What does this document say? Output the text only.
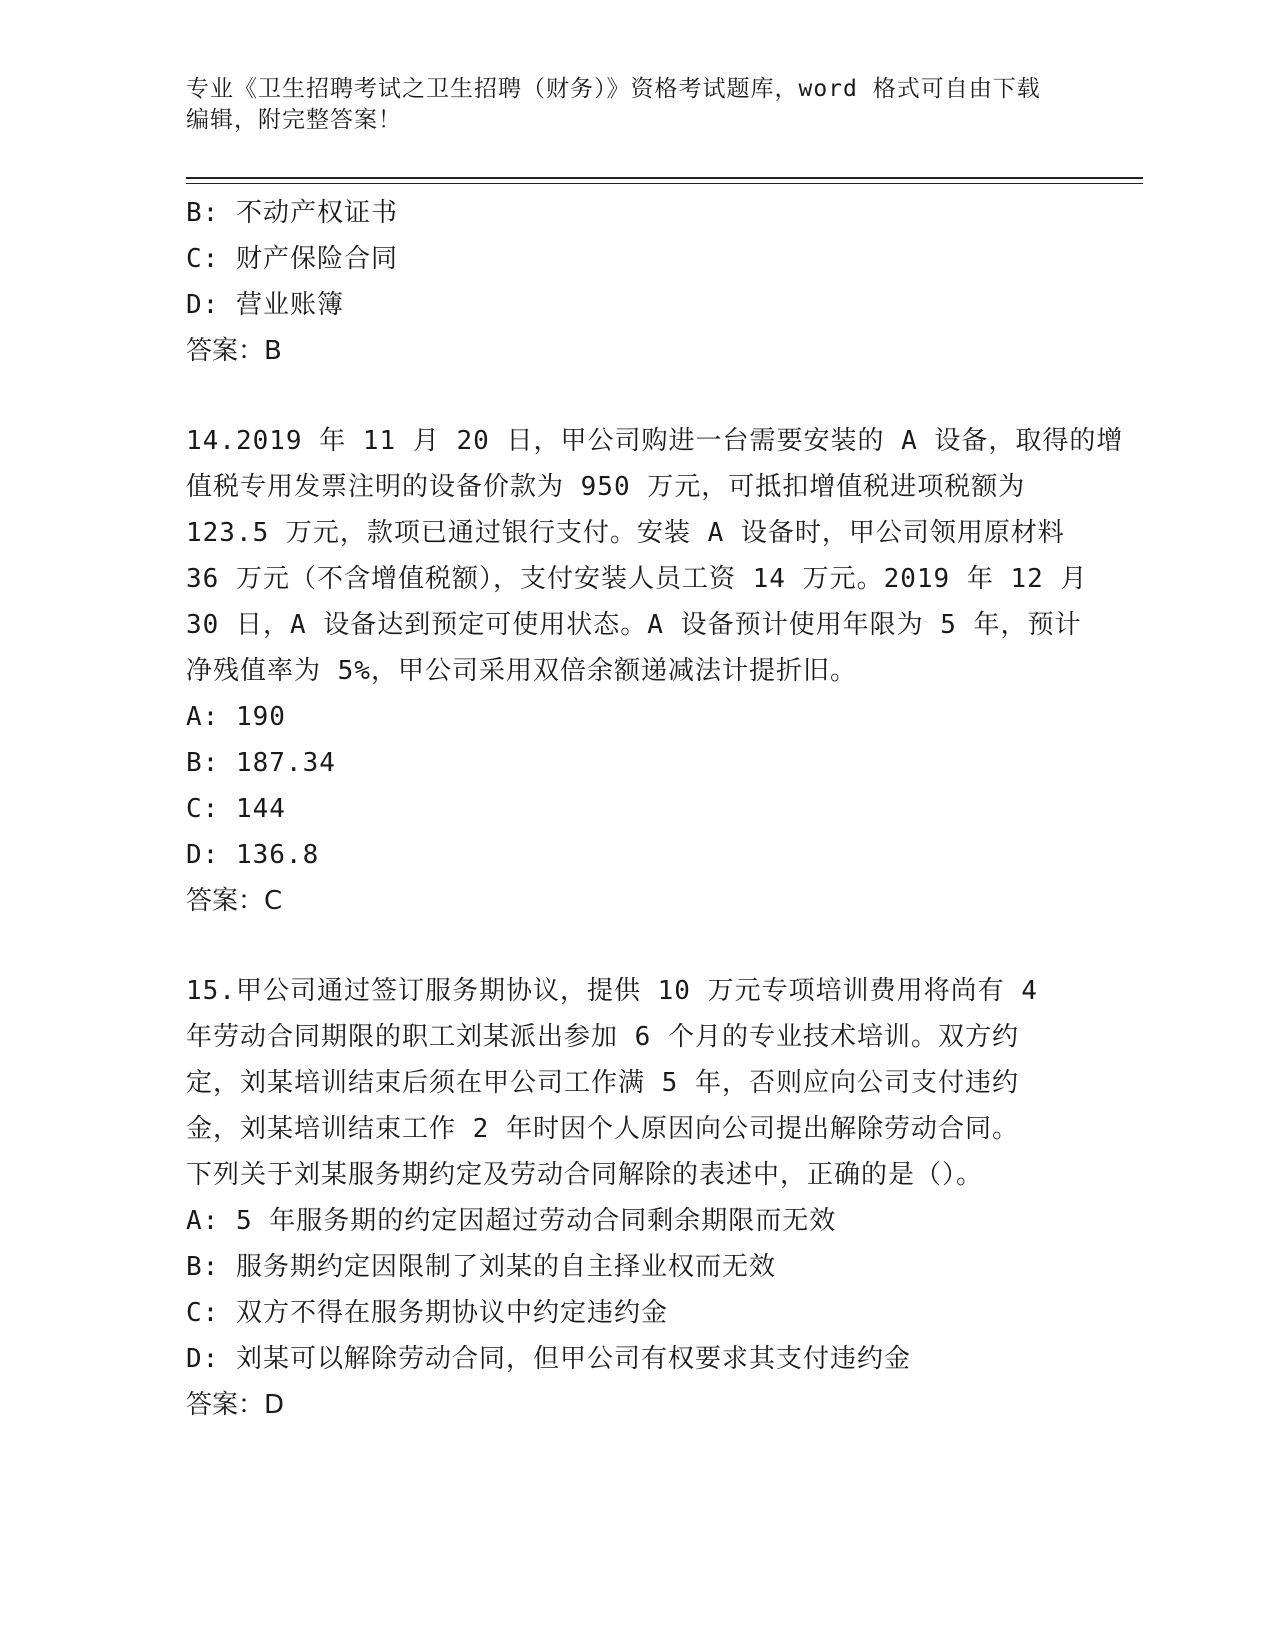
专业《卫生招聘考试之卫生招聘（财务）》资格考试题库，word 格式可自由下载
编辑，附完整答案！
B: 不动产权证书
C: 财产保险合同
D: 营业账簿
答案：B
14.2019 年 11 月 20 日，甲公司购进一台需要安装的 A 设备，取得的增
值税专用发票注明的设备价款为 950 万元，可抵扣增值税进项税额为
123.5 万元，款项已通过银行支付。安装 A 设备时，甲公司领用原材料
36 万元（不含增值税额），支付安装人员工资 14 万元。2019 年 12 月
30 日，A 设备达到预定可使用状态。A 设备预计使用年限为 5 年，预计
净残值率为 5%，甲公司采用双倍余额递减法计提折旧。
A: 190
B: 187.34
C: 144
D: 136.8
答案：C
15.甲公司通过签订服务期协议，提供 10 万元专项培训费用将尚有 4
年劳动合同期限的职工刘某派出参加 6 个月的专业技术培训。双方约
定，刘某培训结束后须在甲公司工作满 5 年，否则应向公司支付违约
金，刘某培训结束工作 2 年时因个人原因向公司提出解除劳动合同。
下列关于刘某服务期约定及劳动合同解除的表述中，正确的是（）。
A: 5 年服务期的约定因超过劳动合同剩余期限而无效
B: 服务期约定因限制了刘某的自主择业权而无效
C: 双方不得在服务期协议中约定违约金
D: 刘某可以解除劳动合同，但甲公司有权要求其支付违约金
答案：D
